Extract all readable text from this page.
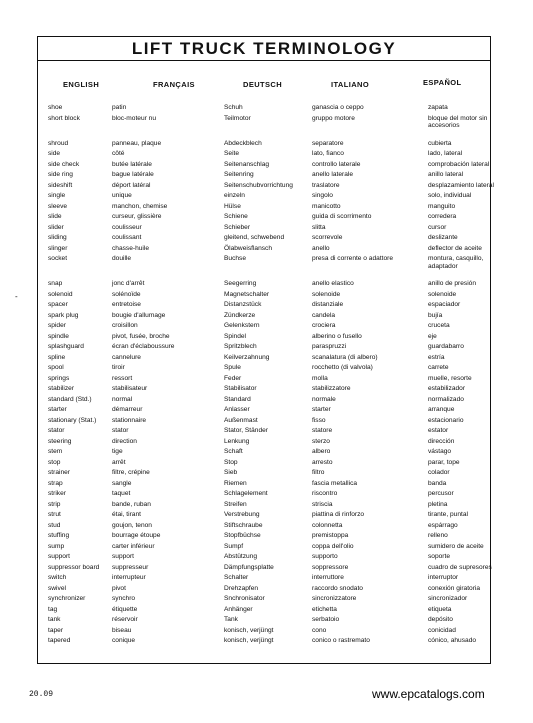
LIFT TRUCK TERMINOLOGY
ENGLISH	FRANÇAIS	DEUTSCH	ITALIANO	ESPAÑOL
shoe	patin	Schuh	ganascia o ceppo	zapata
short block	bloc-moteur nu	Teilmotor	gruppo motore	bloque del motor sin accesorios
shroud	panneau, plaque	Abdeckblech	separatore	cubierta
side	côté	Seite	lato, fianco	lado, lateral
side check	butée latérale	Seitenanschlag	controllo laterale	comprobación lateral
side ring	bague latérale	Seitenring	anello laterale	anillo lateral
sideshift	déport latéral	Seitenschubvorrichtung	traslatore	desplazamiento lateral
single	unique	einzeln	singolo	solo, individual
sleeve	manchon, chemise	Hülse	manicotto	manguito
slide	curseur, glissière	Schiene	guida di scorrimento	corredera
slider	coulisseur	Schieber	slitta	cursor
sliding	coulissant	gleitend, schwebend	scorrevole	deslizante
slinger	chasse-huile	Ölabweisflansch	anello	deflector de aceite
socket	douille	Buchse	presa di corrente o adattore	montura, casquillo, adaptador
snap	jonc d'arrêt	Seegerring	anello elastico	anillo de presión
solenoid	solénoïde	Magnetschalter	solenoide	solenoide
spacer	entretoise	Distanzstück	distanziale	espaciador
spark plug	bougie d'allumage	Zündkerze	candela	bujía
spider	croisillon	Gelenkstern	crociera	cruceta
spindle	pivot, fusée, broche	Spindel	alberino o fusello	eje
splashguard	écran d'éclaboussure	Spritzblech	paraspruzzi	guardabarro
spline	cannelure	Keilverzahnung	scanalatura (di albero)	estría
spool	tiroir	Spule	rocchetto (di valvola)	carrete
springs	ressort	Feder	molla	muelle, resorte
stabilizer	stabilisateur	Stabilisator	stabilizzatore	estabilizador
standard (Std.)	normal	Standard	normale	normalizado
starter	démarreur	Anlasser	starter	arranque
stationary (Stat.)	stationnaire	Außenmast	fisso	estacionario
stator	stator	Stator, Ständer	statore	estator
steering	direction	Lenkung	sterzo	dirección
stem	tige	Schaft	albero	vástago
stop	arrêt	Stop	arresto	parar, tope
strainer	filtre, crépine	Sieb	filtro	colador
strap	sangle	Riemen	fascia metallica	banda
striker	taquet	Schlagelement	riscontro	percusor
strip	bande, ruban	Streifen	striscia	pletina
strut	étai, tirant	Verstrebung	piattina di rinforzo	tirante, puntal
stud	goujon, tenon	Stiftschraube	colonnetta	espárrago
stuffing	bourrage étoupe	Stopfbüchse	premistoppa	relleno
sump	carter inférieur	Sumpf	coppa dell'olio	sumidero de aceite
support	support	Abstützung	supporto	soporte
suppressor board	suppresseur	Dämpfungsplatte	soppressore	cuadro de supresores
switch	interrupteur	Schalter	interruttore	interruptor
swivel	pivot	Drehzapfen	raccordo snodato	conexión giratoria
synchronizer	synchro	Snchronisator	sincronizzatore	sincronizador
tag	étiquette	Anhänger	etichetta	etiqueta
tank	réservoir	Tank	serbatoio	depósito
taper	biseau	konisch, verjüngt	cono	conicidad
tapered	conique	konisch, verjüngt	conico o rastremato	cónico, ahusado
-
20.09	www.epcatalogs.com
